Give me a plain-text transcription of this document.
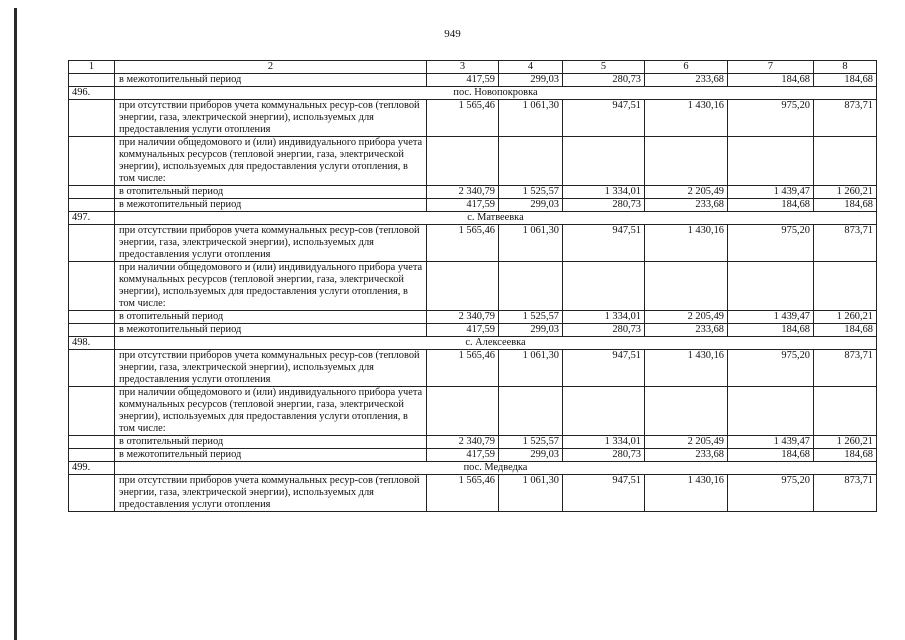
949
1	2	3	4	5	6	7	8
	в межотопительный период	417,59	299,03	280,73	233,68	184,68	184,68
496.	пос. Новопокровка						
	при отсутствии приборов учета коммунальных ресур-сов (тепловой энергии, газа, электрической энергии), используемых для предоставления услуги отопления	1 565,46	1 061,30	947,51	1 430,16	975,20	873,71
	при наличии общедомового и (или) индивидуального прибора учета коммунальных ресурсов (тепловой энергии, газа, электрической энергии), используемых для предоставления услуги отопления, в том числе:						
	в отопительный период	2 340,79	1 525,57	1 334,01	2 205,49	1 439,47	1 260,21
	в межотопительный период	417,59	299,03	280,73	233,68	184,68	184,68
497.	с. Матвеевка						
	при отсутствии приборов учета коммунальных ресур-сов (тепловой энергии, газа, электрической энергии), используемых для предоставления услуги отопления	1 565,46	1 061,30	947,51	1 430,16	975,20	873,71
	при наличии общедомового и (или) индивидуального прибора учета коммунальных ресурсов (тепловой энергии, газа, электрической энергии), используемых для предоставления услуги отопления, в том числе:						
	в отопительный период	2 340,79	1 525,57	1 334,01	2 205,49	1 439,47	1 260,21
	в межотопительный период	417,59	299,03	280,73	233,68	184,68	184,68
498.	с. Алексеевка						
	при отсутствии приборов учета коммунальных ресур-сов (тепловой энергии, газа, электрической энергии), используемых для предоставления услуги отопления	1 565,46	1 061,30	947,51	1 430,16	975,20	873,71
	при наличии общедомового и (или) индивидуального прибора учета коммунальных ресурсов (тепловой энергии, газа, электрической энергии), используемых для предоставления услуги отопления, в том числе:						
	в отопительный период	2 340,79	1 525,57	1 334,01	2 205,49	1 439,47	1 260,21
	в межотопительный период	417,59	299,03	280,73	233,68	184,68	184,68
499.	пос. Медведка						
	при отсутствии приборов учета коммунальных ресур-сов (тепловой энергии, газа, электрической энергии), используемых для предоставления услуги отопления	1 565,46	1 061,30	947,51	1 430,16	975,20	873,71
